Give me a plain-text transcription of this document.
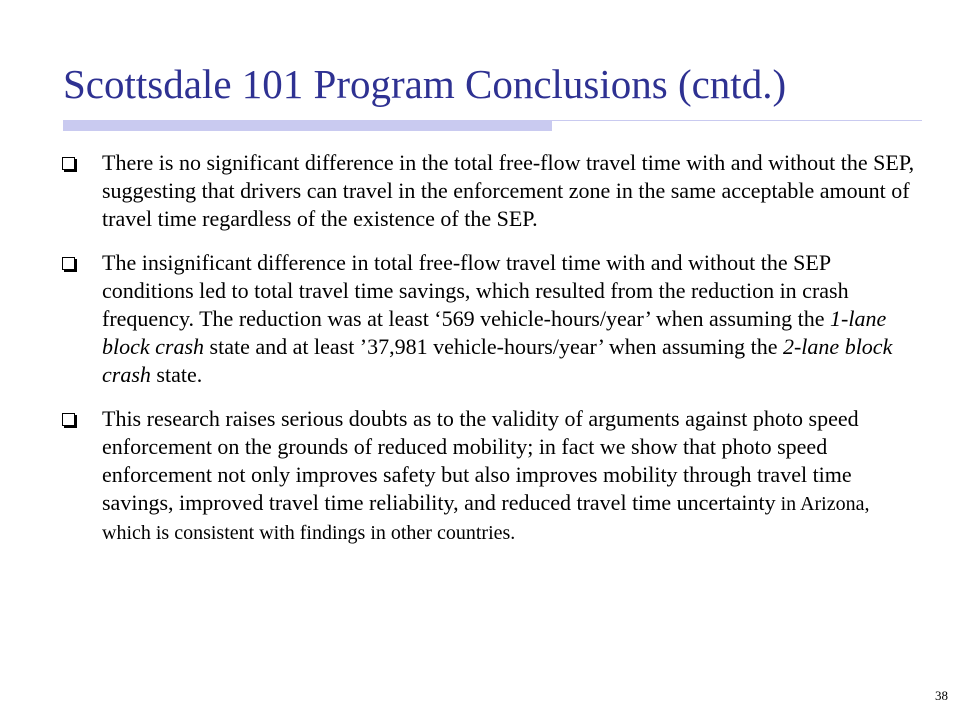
Scottsdale 101 Program Conclusions (cntd.)
There is no significant difference in the total free-flow travel time with and without the SEP, suggesting that drivers can travel in the enforcement zone in the same acceptable amount of travel time regardless of the existence of the SEP.
The insignificant difference in total free-flow travel time with and without the SEP conditions led to total travel time savings, which resulted from the reduction in crash frequency. The reduction was at least ‘569 vehicle-hours/year’ when assuming the 1-lane block crash state and at least ’37,981 vehicle-hours/year’ when assuming the 2-lane block crash state.
This research raises serious doubts as to the validity of arguments against photo speed enforcement on the grounds of reduced mobility; in fact we show that photo speed enforcement not only improves safety but also improves mobility through travel time savings, improved travel time reliability, and reduced travel time uncertainty in Arizona, which is consistent with findings in other countries.
38
